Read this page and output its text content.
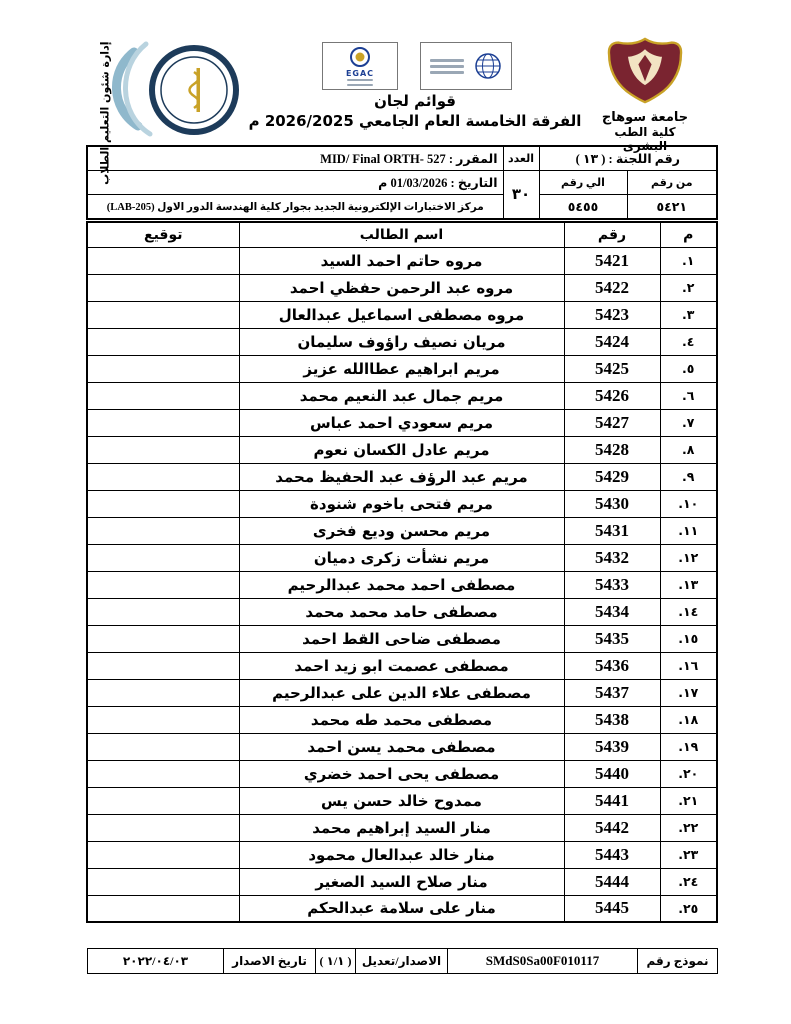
جامعة سوهاج
كلية الطب البشرى
EGAC
قوائم لجان
الفرقة الخامسة العام الجامعي 2026/2025 م
إدارة شئون التعليم الطلاب	رقم اللجنة : ( ١٣ )		العدد	المقرر : MID/ Final ORTH- 527
من رقم	الي رقم	٣٠	التاريخ : 01/03/2026 م
٥٤٢١	٥٤٥٥		مركز الاختبارات الإلكترونية الجديد بجوار كلية الهندسة الدور الاول (LAB-205)
م	رقم	اسم الطالب	توقيع
١.	5421	مروه حاتم احمد السيد	
٢.	5422	مروه عبد الرحمن حفظي احمد	
٣.	5423	مروه مصطفى اسماعيل عبدالعال	
٤.	5424	مريان نصيف راؤوف سليمان	
٥.	5425	مريم ابراهيم عطاالله عزيز	
٦.	5426	مريم جمال عبد النعيم محمد	
٧.	5427	مريم سعودي احمد عباس	
٨.	5428	مريم عادل الكسان نعوم	
٩.	5429	مريم عبد الرؤف عبد الحفيظ محمد	
١٠.	5430	مريم فتحى باخوم شنودة	
١١.	5431	مريم محسن وديع فخرى	
١٢.	5432	مريم نشأت زكرى دميان	
١٣.	5433	مصطفى احمد محمد عبدالرحيم	
١٤.	5434	مصطفى حامد محمد محمد	
١٥.	5435	مصطفى ضاحى القط احمد	
١٦.	5436	مصطفى عصمت ابو زيد احمد	
١٧.	5437	مصطفى علاء الدين على عبدالرحيم	
١٨.	5438	مصطفى محمد طه محمد	
١٩.	5439	مصطفى محمد يسن احمد	
٢٠.	5440	مصطفى يحى احمد خضري	
٢١.	5441	ممدوح خالد حسن يس	
٢٢.	5442	منار السيد إبراهيم محمد	
٢٣.	5443	منار خالد عبدالعال محمود	
٢٤.	5444	منار صلاح السيد الصغير	
٢٥.	5445	منار على سلامة عبدالحكم	
نموذج رقم	SMdS0Sa00F010117	الاصدار/تعديل	( ١/١ )	تاريخ الاصدار	٢٠٢٢/٠٤/٠٣
